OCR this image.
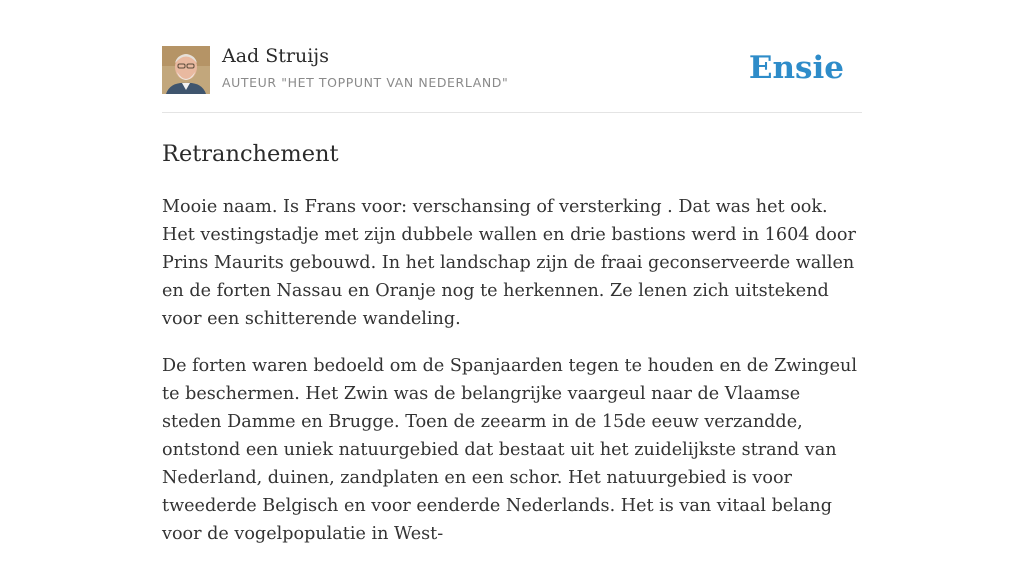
Aad Struijs
AUTEUR "HET TOPPUNT VAN NEDERLAND"	Ensie
Retranchement

Mooie naam. Is Frans voor: verschansing of versterking . Dat was het ook. Het vestingstadje met zijn dubbele wallen en drie bastions werd in 1604 door Prins Maurits gebouwd. In het landschap zijn de fraai geconserveerde wallen en de forten Nassau en Oranje nog te herkennen. Ze lenen zich uitstekend voor een schitterende wandeling.

De forten waren bedoeld om de Spanjaarden tegen te houden en de Zwingeul te beschermen. Het Zwin was de belangrijke vaargeul naar de Vlaamse steden Damme en Brugge. Toen de zeearm in de 15de eeuw verzandde, ontstond een uniek natuurgebied dat bestaat uit het zuidelijkste strand van Nederland, duinen, zandplaten en een schor. Het natuurgebied is voor tweederde Belgisch en voor eenderde Nederlands. Het is van vitaal belang voor de vogelpopulatie in West-
